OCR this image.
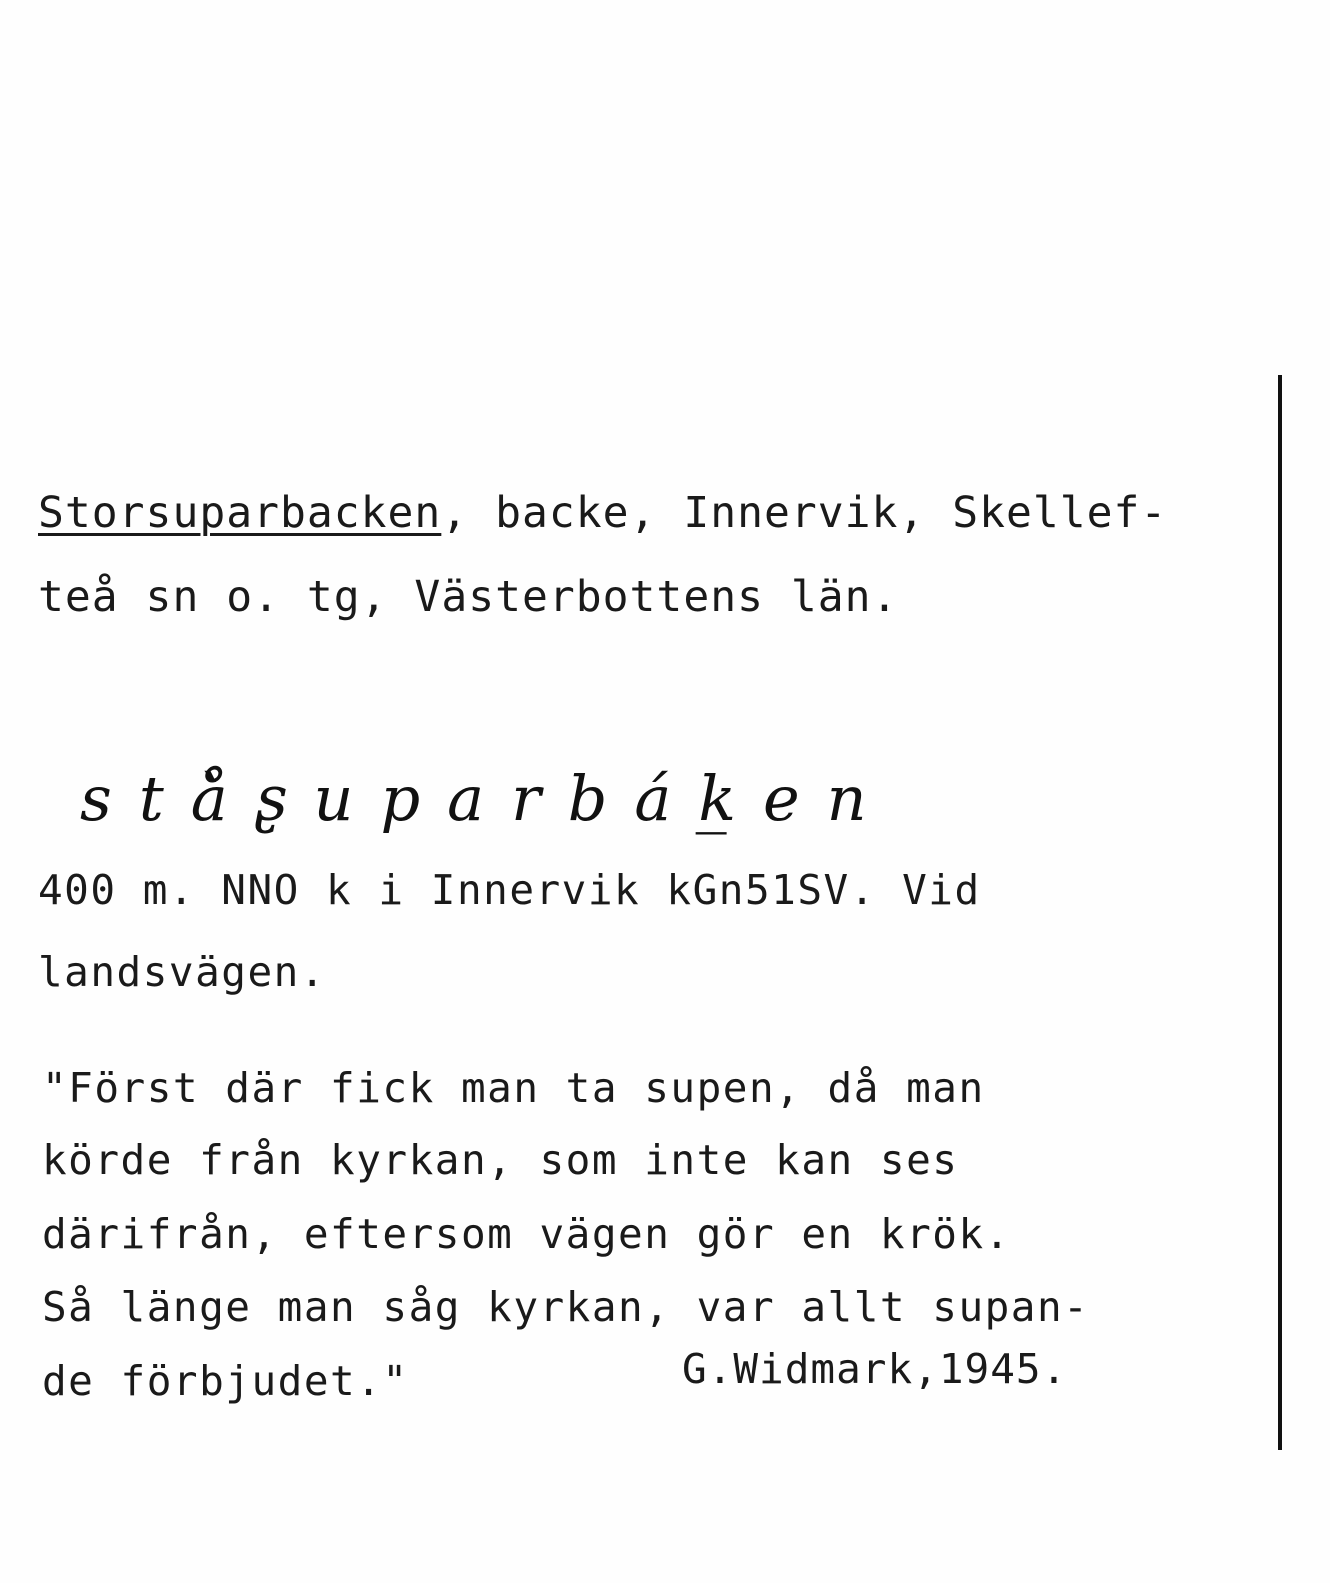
Storsuparbacken, backe, Innervik, Skellef-
teå sn o. tg, Västerbottens län.
stå̀ʂuparbák̲en
400 m. NNO k i Innervik kGn51SV. Vid
landsvägen.
"Först där fick man ta supen, då man
körde från kyrkan, som inte kan ses
därifrån, eftersom vägen gör en krök.
Så länge man såg kyrkan, var allt supan-
de förbjudet."	G.Widmark,1945.
